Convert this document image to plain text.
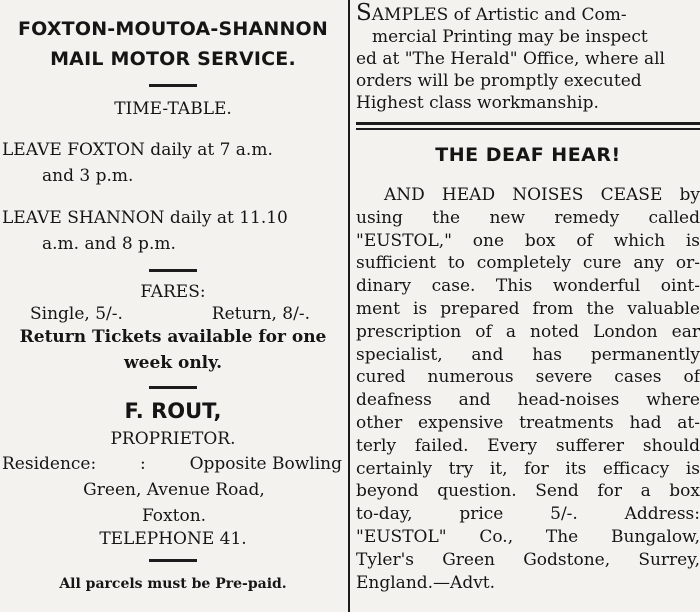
FOXTON-MOUTOA-SHANNON
MAIL MOTOR SERVICE.
TIME-TABLE.
LEAVE FOXTON daily at 7 a.m.
and 3 p.m.
LEAVE SHANNON daily at 11.10
a.m. and 8 p.m.
FARES:
Single, 5/-.	Return, 8/-.
Return Tickets available for one
week only.
F. ROUT,
PROPRIETOR.
Residence:	:	Opposite Bowling
Green, Avenue Road,
Foxton.
TELEPHONE 41.
All parcels must be Pre-paid.
SAMPLES of Artistic and Com-
mercial Printing may be inspect
ed at "The Herald" Office, where all
orders will be promptly executed
Highest class workmanship.
THE DEAF HEAR!
AND HEAD NOISES CEASE by
using the new remedy called
"EUSTOL," one box of which is
sufficient to completely cure any or-
dinary case. This wonderful oint-
ment is prepared from the valuable
prescription of a noted London ear
specialist, and has permanently
cured numerous severe cases of
deafness and head-noises where
other expensive treatments had at-
terly failed. Every sufferer should
certainly try it, for its efficacy is
beyond question. Send for a box
to-day, price 5/-. Address:
"EUSTOL" Co., The Bungalow,
Tyler's Green Godstone, Surrey,
England.—Advt.
